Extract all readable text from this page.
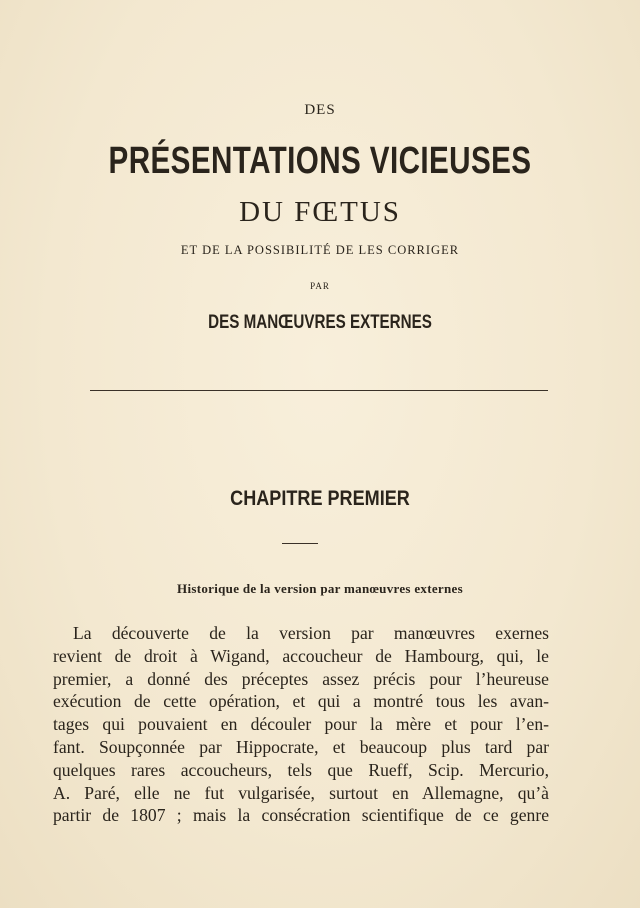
DES
PRÉSENTATIONS VICIEUSES
DU FŒTUS
ET DE LA POSSIBILITÉ DE LES CORRIGER
PAR
DES MANŒUVRES EXTERNES
CHAPITRE PREMIER
Historique de la version par manœuvres externes
La découverte de la version par manœuvres exernes
revient de droit à Wigand, accoucheur de Hambourg, qui, le
premier, a donné des préceptes assez précis pour l’heureuse
exécution de cette opération, et qui a montré tous les avan-
tages qui pouvaient en découler pour la mère et pour l’en-
fant. Soupçonnée par Hippocrate, et beaucoup plus tard par
quelques rares accoucheurs, tels que Rueff, Scip. Mercurio,
A. Paré, elle ne fut vulgarisée, surtout en Allemagne, qu’à
partir de 1807 ; mais la consécration scientifique de ce genre
